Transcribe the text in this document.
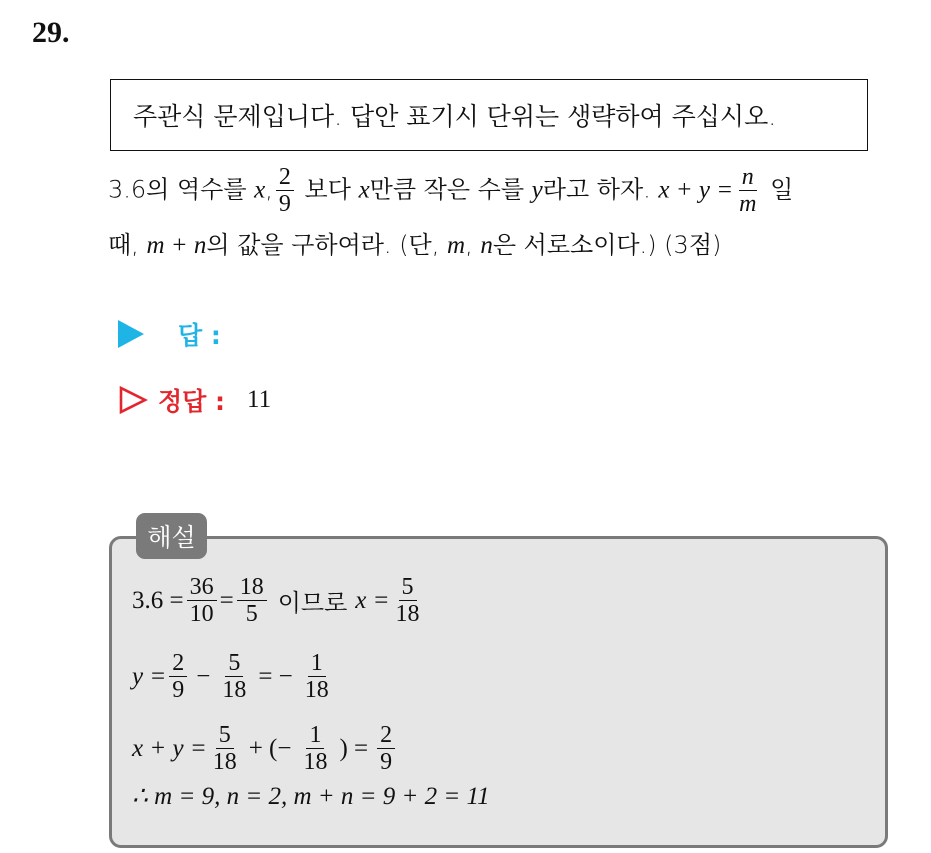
29.
주관식 문제입니다. 답안 표기시 단위는 생략하여 주십시오.
3.6의 역수를 x, $\frac{2}{9}$ 보다 x만큼 작은 수를 y라고 하자. $x + y = \frac{n}{m}$ 일
때, m + n의 값을 구하여라. (단, m, n은 서로소이다.) (3점)
답 :
정답 : 11
해설
$3.6 = \frac{36}{10} = \frac{18}{5}$ 이므로 $x = \frac{5}{18}$
$y = \frac{2}{9} - \frac{5}{18}$ = − $\frac{1}{18}$
$x + y = \frac{5}{18}$ + (− $\frac{1}{18}$ ) = $\frac{2}{9}$
∴ m = 9, n = 2, m + n = 9 + 2 = 11
